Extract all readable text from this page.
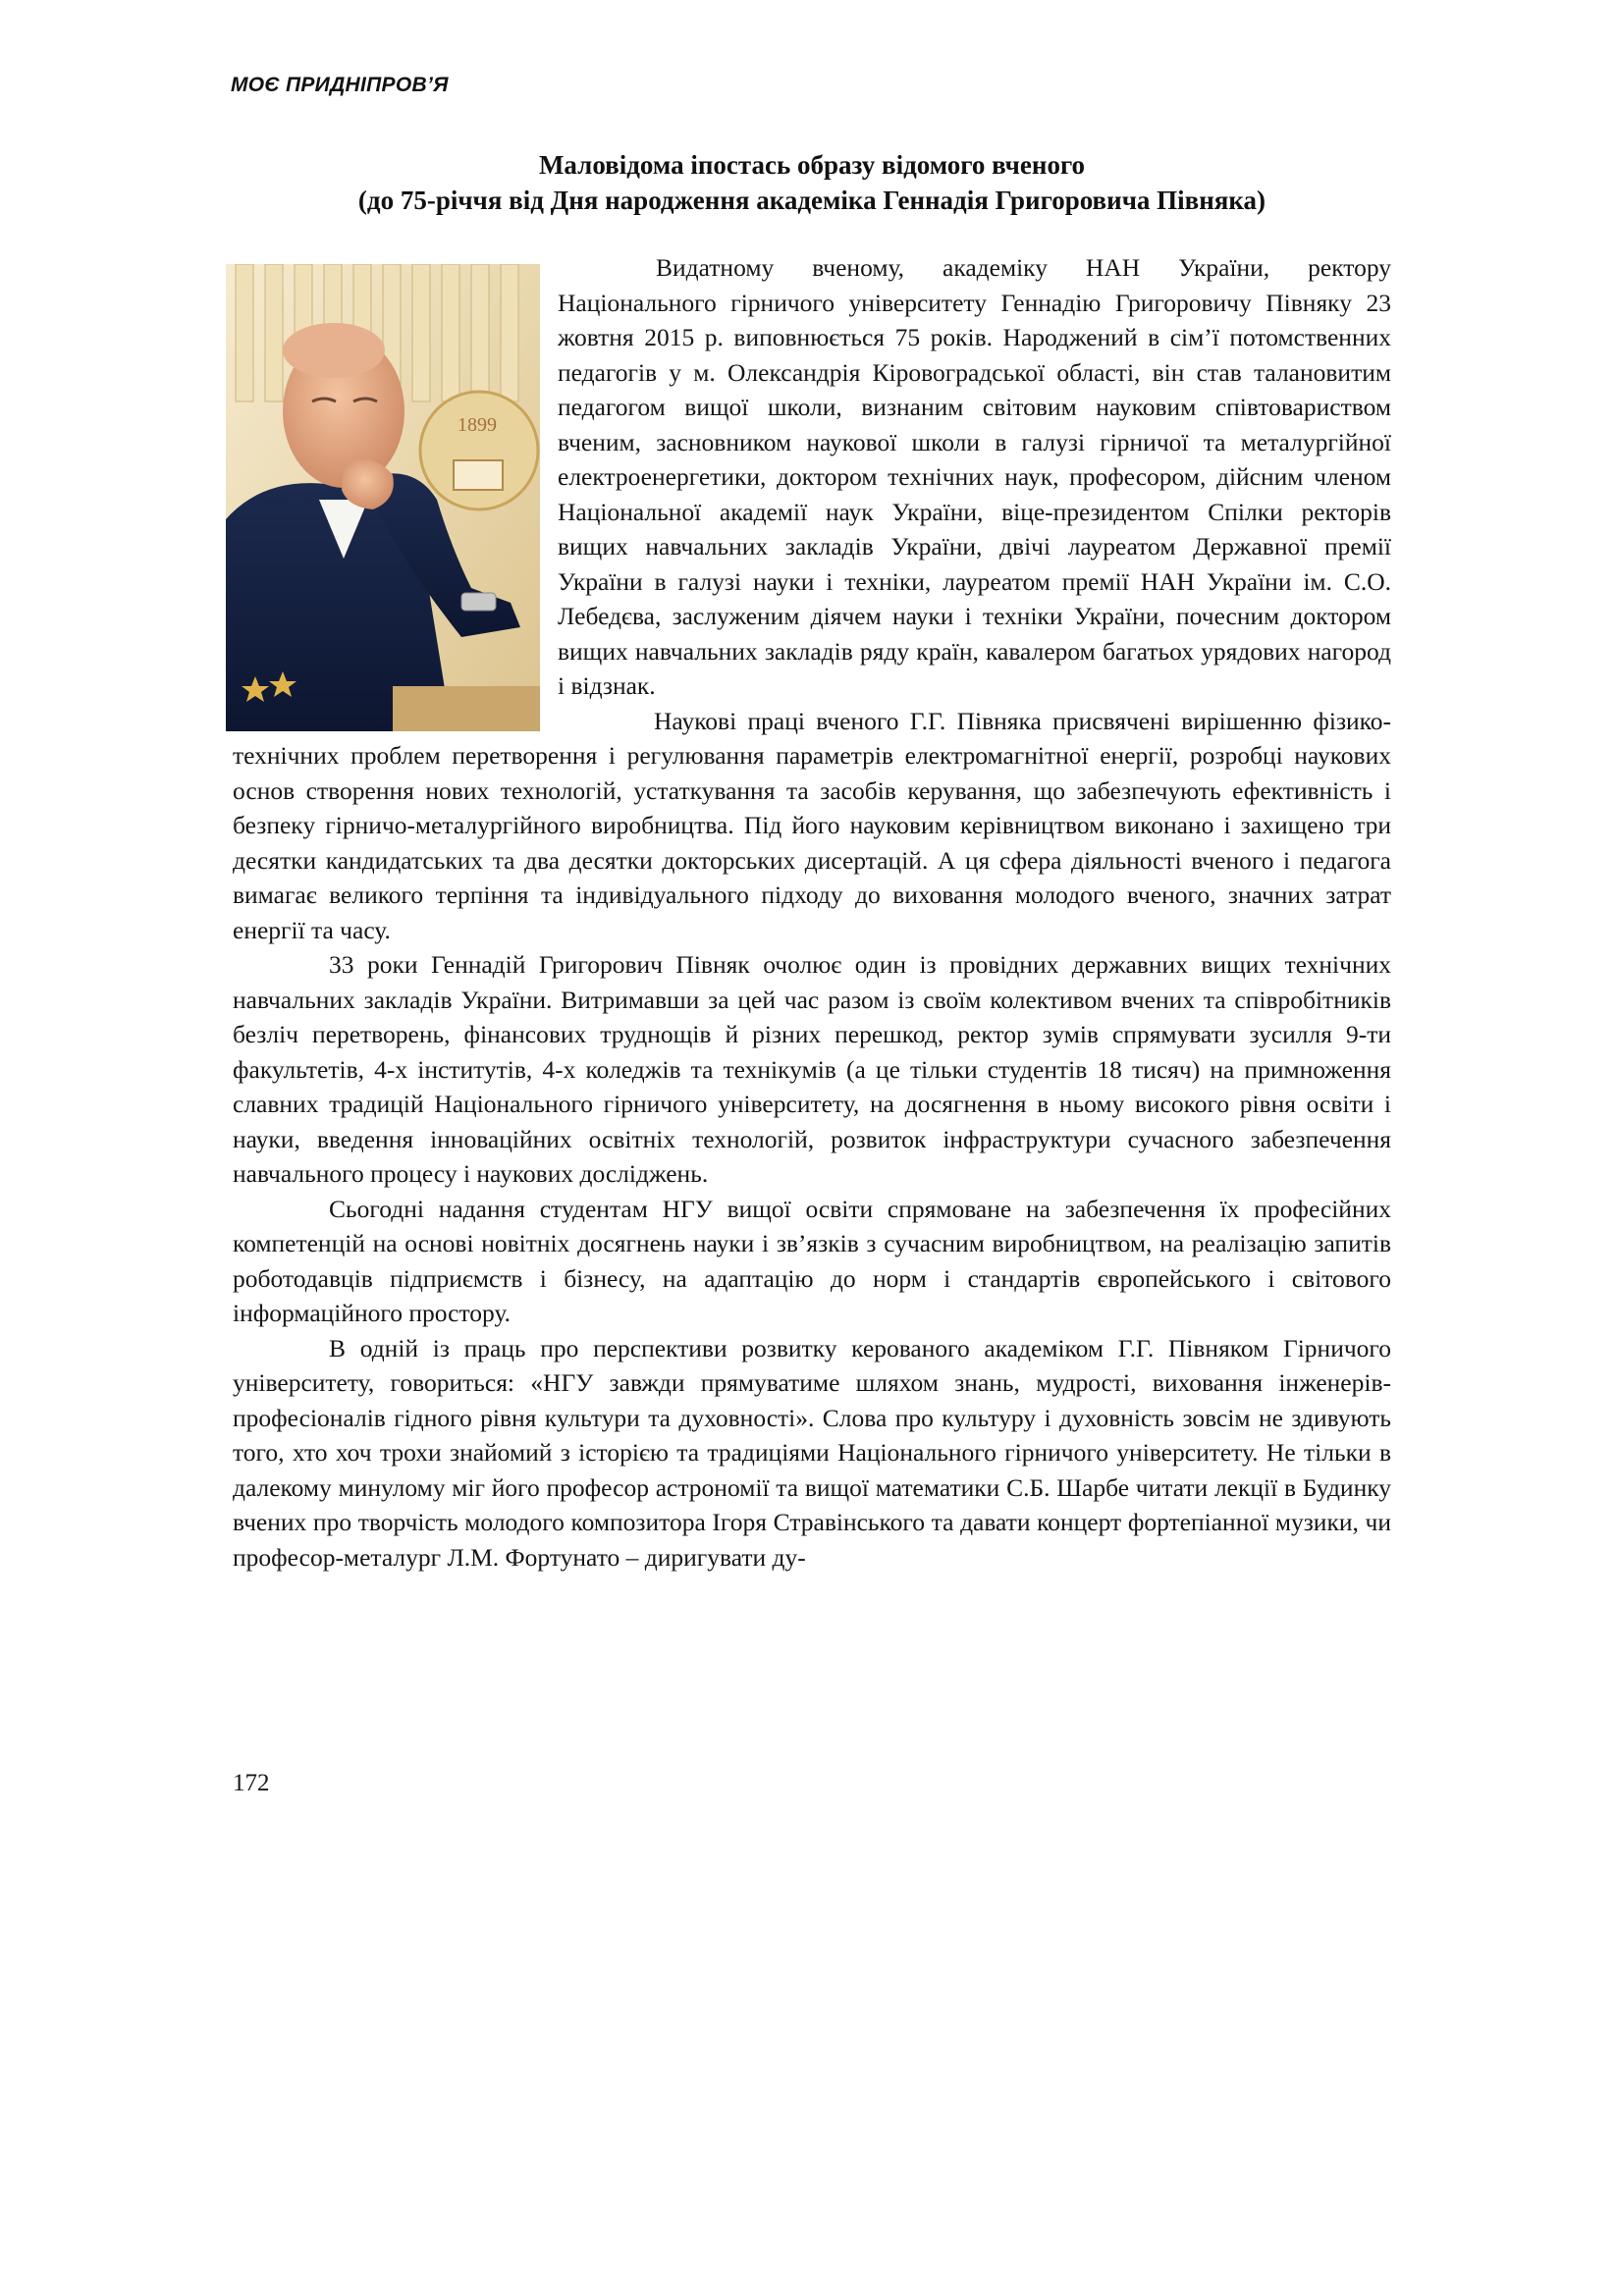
МОЄ ПРИДНІПРОВ’Я
Маловідома іпостась образу відомого вченого
(до 75-річчя від Дня народження академіка Геннадія Григоровича Півняка)
1899

Видатному вченому, академіку НАН України, ректору Національного гірничого університету Геннадію Григоровичу Півняку 23 жовтня 2015 р. виповнюється 75 років. Народжений в сім’ї потомственних педагогів у м. Олександрія Кіровоградської області, він став талановитим педагогом вищої школи, визнаним світовим науковим співтовариством вченим, засновником наукової школи в галузі гірничої та металургійної електроенергетики, доктором технічних наук, професором, дійсним членом Національної академії наук України, віце-президентом Спілки ректорів вищих навчальних закладів України, двічі лауреатом Державної премії України в галузі науки і техніки, лауреатом премії НАН України ім. С.О. Лебедєва, заслуженим діячем науки і техніки України, почесним доктором вищих навчальних закладів ряду країн, кавалером багатьох урядових нагород і відзнак.

Наукові праці вченого Г.Г. Півняка присвячені вирішенню фізико-технічних проблем перетворення і регулювання параметрів електромагнітної енергії, розробці наукових основ створення нових технологій, устаткування та засобів керування, що забезпечують ефективність і безпеку гірничо-металургійного виробництва. Під його науковим керівництвом виконано і захищено три десятки кандидатських та два десятки докторських дисертацій. А ця сфера діяльності вченого і педагога вимагає великого терпіння та індивідуального підходу до виховання молодого вченого, значних затрат енергії та часу.

33 роки Геннадій Григорович Півняк очолює один із провідних державних вищих технічних навчальних закладів України. Витримавши за цей час разом із своїм колективом вчених та співробітників безліч перетворень, фінансових труднощів й різних перешкод, ректор зумів спрямувати зусилля 9-ти факультетів, 4-х інститутів, 4-х коледжів та технікумів (а це тільки студентів 18 тисяч) на примноження славних традицій Національного гірничого університету, на досягнення в ньому високого рівня освіти і науки, введення інноваційних освітніх технологій, розвиток інфраструктури сучасного забезпечення навчального процесу і наукових досліджень.

Сьогодні надання студентам НГУ вищої освіти спрямоване на забезпечення їх професійних компетенцій на основі новітніх досягнень науки і зв’язків з сучасним виробництвом, на реалізацію запитів роботодавців підприємств і бізнесу, на адаптацію до норм і стандартів європейського і світового інформаційного простору.

В одній із праць про перспективи розвитку керованого академіком Г.Г. Півняком Гірничого університету, говориться: «НГУ завжди прямуватиме шляхом знань, мудрості, виховання інженерів-професіоналів гідного рівня культури та духовності». Слова про культуру і духовність зовсім не здивують того, хто хоч трохи знайомий з історією та традиціями Національного гірничого університету. Не тільки в далекому минулому міг його професор астрономії та вищої математики С.Б. Шарбе читати лекції в Будинку вчених про творчість молодого композитора Ігоря Стравінського та давати концерт фортепіанної музики, чи професор-металург Л.М. Фортунато – диригувати ду-

172
